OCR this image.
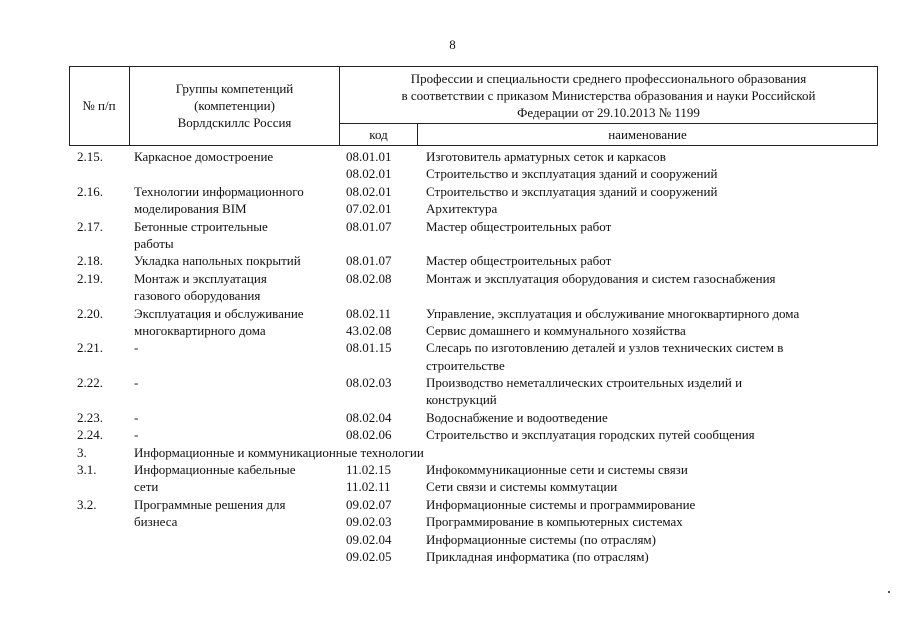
8
№ п/п
Группы компетенций
(компетенции)
Ворлдскиллс Россия
Профессии и специальности среднего профессионального образования
в соответствии с приказом Министерства образования и науки Российской
Федерации от 29.10.2013 № 1199
код	наименование
2.15. Каркасное домостроение	08.01.01	Изготовитель арматурных сеток и каркасов
08.02.01	Строительство и эксплуатация зданий и сооружений
2.16. Технологии информационного	08.02.01	Строительство и эксплуатация зданий и сооружений
моделирования BIM	07.02.01	Архитектура
2.17. Бетонные строительные	08.01.07	Мастер общестроительных работ
работы
2.18. Укладка напольных покрытий	08.01.07	Мастер общестроительных работ
2.19. Монтаж и эксплуатация	08.02.08	Монтаж и эксплуатация оборудования и систем газоснабжения
газового оборудования
2.20. Эксплуатация и обслуживание	08.02.11	Управление, эксплуатация и обслуживание многоквартирного дома
многоквартирного дома	43.02.08	Сервис домашнего и коммунального хозяйства
2.21. -	08.01.15	Слесарь по изготовлению деталей и узлов технических систем в
строительстве
2.22. -	08.02.03	Производство неметаллических строительных изделий и
конструкций
2.23. -	08.02.04	Водоснабжение и водоотведение
2.24. -	08.02.06	Строительство и эксплуатация городских путей сообщения
3.	Информационные и коммуникационные технологии
3.1.	Информационные кабельные	11.02.15	Инфокоммуникационные сети и системы связи
сети	11.02.11	Сети связи и системы коммутации
3.2.	Программные решения для	09.02.07	Информационные системы и программирование
бизнеса	09.02.03	Программирование в компьютерных системах
09.02.04	Информационные системы (по отраслям)
09.02.05	Прикладная информатика (по отраслям)
